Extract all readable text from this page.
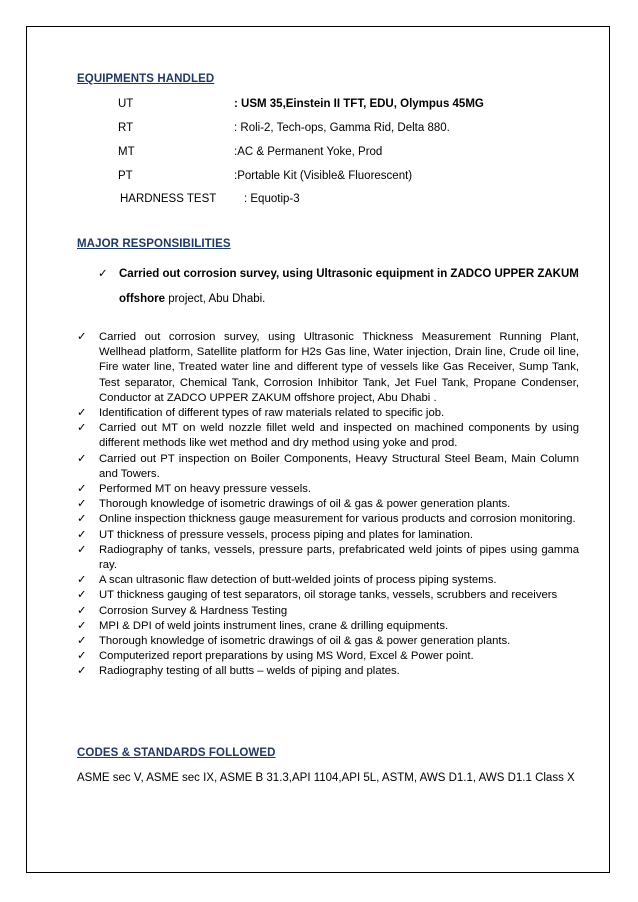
EQUIPMENTS HANDLED
UT	: USM 35,Einstein II TFT, EDU, Olympus 45MG
RT	: Roli-2, Tech-ops, Gamma Rid, Delta 880.
MT	:AC & Permanent Yoke, Prod
PT	:Portable Kit (Visible& Fluorescent)
HARDNESS TEST : Equotip-3
MAJOR RESPONSIBILITIES
✓ Carried out corrosion survey, using Ultrasonic equipment in ZADCO UPPER ZAKUM offshore project, Abu Dhabi.
✓ Carried out corrosion survey, using Ultrasonic Thickness Measurement Running Plant, Wellhead platform, Satellite platform for H2s Gas line, Water injection, Drain line, Crude oil line, Fire water line, Treated water line and different type of vessels like Gas Receiver, Sump Tank, Test separator, Chemical Tank, Corrosion Inhibitor Tank, Jet Fuel Tank, Propane Condenser, Conductor at ZADCO UPPER ZAKUM offshore project, Abu Dhabi .
✓ Identification of different types of raw materials related to specific job.
✓ Carried out MT on weld nozzle fillet weld and inspected on machined components by using different methods like wet method and dry method using yoke and prod.
✓ Carried out PT inspection on Boiler Components, Heavy Structural Steel Beam, Main Column and Towers.
✓ Performed MT on heavy pressure vessels.
✓ Thorough knowledge of isometric drawings of oil & gas & power generation plants.
✓ Online inspection thickness gauge measurement for various products and corrosion monitoring.
✓ UT thickness of pressure vessels, process piping and plates for lamination.
✓ Radiography of tanks, vessels, pressure parts, prefabricated weld joints of pipes using gamma ray.
✓ A scan ultrasonic flaw detection of butt-welded joints of process piping systems.
✓ UT thickness gauging of test separators, oil storage tanks, vessels, scrubbers and receivers
✓ Corrosion Survey & Hardness Testing
✓ MPI & DPI of weld joints instrument lines, crane & drilling equipments.
✓ Thorough knowledge of isometric drawings of oil & gas & power generation plants.
✓ Computerized report preparations by using MS Word, Excel & Power point.
✓ Radiography testing of all butts – welds of piping and plates.
CODES & STANDARDS FOLLOWED
ASME sec V, ASME sec IX, ASME B 31.3,API 1104,API 5L, ASTM, AWS D1.1, AWS D1.1 Class X
